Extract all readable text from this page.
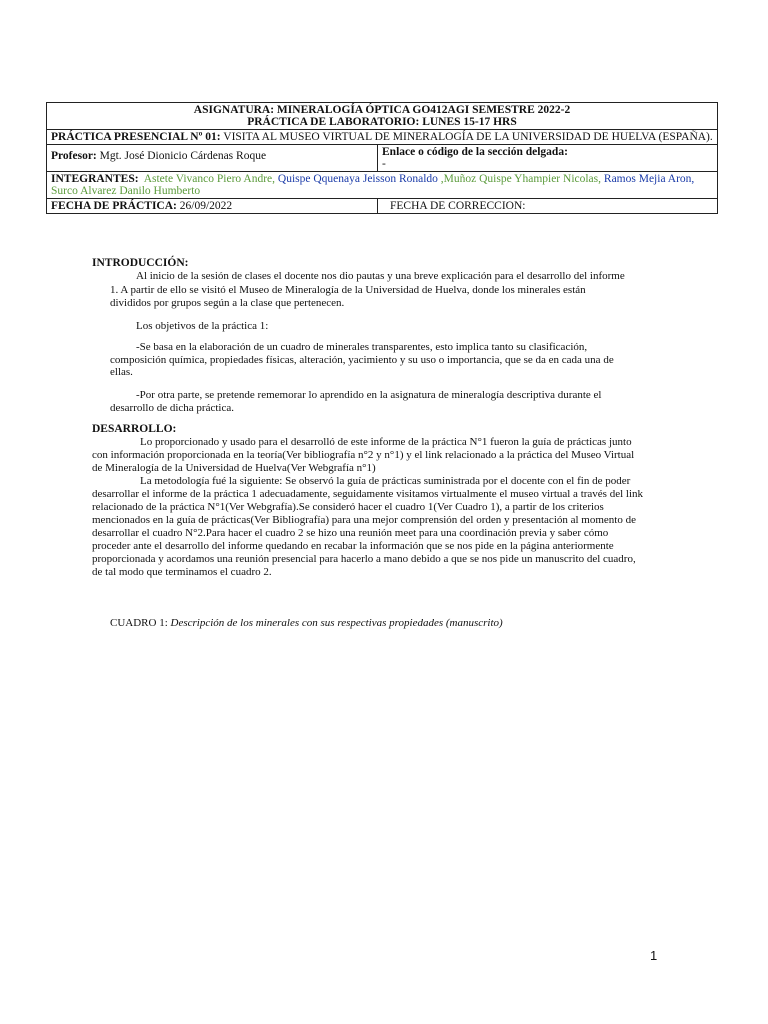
ASIGNATURA: MINERALOGÍA ÓPTICA GO412AGI SEMESTRE 2022-2
PRÁCTICA DE LABORATORIO: LUNES 15-17 HRS	

PRÁCTICA PRESENCIAL Nº 01: VISITA AL MUSEO VIRTUAL DE MINERALOGÍA DE LA UNIVERSIDAD DE HUELVA (ESPAÑA).	
Profesor: Mgt. José Dionicio Cárdenas Roque	Enlace o código de la sección delgada:
-

INTEGRANTES: Astete Vivanco Piero Andre, Quispe Qquenaya Jeisson Ronaldo ,Muñoz Quispe Yhampier Nicolas, Ramos Mejia Aron,
Surco Alvarez Danilo Humberto	
FECHA DE PRÁCTICA: 26/09/2022	FECHA DE CORRECCION:
INTRODUCCIÓN:
Al inicio de la sesión de clases el docente nos dio pautas y una breve explicación para el desarrollo del informe
1. A partir de ello se visitó el Museo de Mineralogía de la Universidad de Huelva, donde los minerales están
divididos por grupos según a la clase que pertenecen.
Los objetivos de la práctica 1:
-Se basa en la elaboración de un cuadro de minerales transparentes, esto implica tanto su clasificación,
composición química, propiedades físicas, alteración, yacimiento y su uso o importancia, que se da en cada una de
ellas.
-Por otra parte, se pretende rememorar lo aprendido en la asignatura de mineralogía descriptiva durante el
desarrollo de dicha práctica.
DESARROLLO:
Lo proporcionado y usado para el desarrolló de este informe de la práctica N°1 fueron la guía de prácticas junto
con información proporcionada en la teoría(Ver bibliografía n°2 y n°1) y el link relacionado a la práctica del Museo Virtual
de Mineralogía de la Universidad de Huelva(Ver Webgrafía n°1)
La metodología fué la siguiente: Se observó la guía de prácticas suministrada por el docente con el fin de poder
desarrollar el informe de la práctica 1 adecuadamente, seguidamente visitamos virtualmente el museo virtual a través del link
relacionado de la práctica N°1(Ver Webgrafía).Se consideró hacer el cuadro 1(Ver Cuadro 1), a partir de los criterios
mencionados en la guía de prácticas(Ver Bibliografía) para una mejor comprensión del orden y presentación al momento de
desarrollar el cuadro N°2.Para hacer el cuadro 2 se hizo una reunión meet para una coordinación previa y saber cómo
proceder ante el desarrollo del informe quedando en recabar la información que se nos pide en la página anteriormente
proporcionada y acordamos una reunión presencial para hacerlo a mano debido a que se nos pide un manuscrito del cuadro,
de tal modo que terminamos el cuadro 2.
CUADRO 1: Descripción de los minerales con sus respectivas propiedades (manuscrito)
1
